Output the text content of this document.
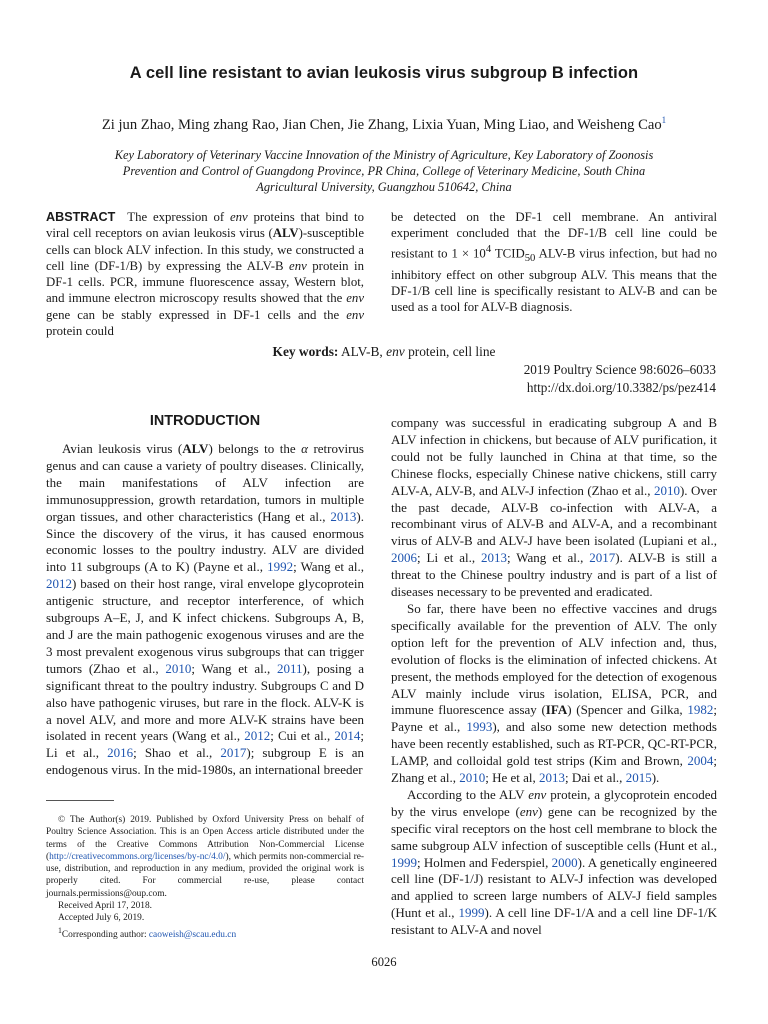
A cell line resistant to avian leukosis virus subgroup B infection
Zi jun Zhao, Ming zhang Rao, Jian Chen, Jie Zhang, Lixia Yuan, Ming Liao, and Weisheng Cao$^1$
Key Laboratory of Veterinary Vaccine Innovation of the Ministry of Agriculture, Key Laboratory of Zoonosis
Prevention and Control of Guangdong Province, PR China, College of Veterinary Medicine, South China
Agricultural University, Guangzhou 510642, China
ABSTRACT The expression of env proteins that bind to viral cell receptors on avian leukosis virus (ALV)-susceptible cells can block ALV infection. In this study, we constructed a cell line (DF-1/B) by expressing the ALV-B env protein in DF-1 cells. PCR, immune fluorescence assay, Western blot, and immune electron microscopy results showed that the env gene can be stably expressed in DF-1 cells and the env protein could
be detected on the DF-1 cell membrane. An antiviral experiment concluded that the DF-1/B cell line could be resistant to $1 \times 10^4$ $TCID_{50}$ ALV-B virus infection, but had no inhibitory effect on other subgroup ALV. This means that the DF-1/B cell line is specifically resistant to ALV-B and can be used as a tool for ALV-B diagnosis.
Key words: ALV-B, env protein, cell line
2019 Poultry Science 98:6026–6033
http://dx.doi.org/10.3382/ps/pez414
INTRODUCTION

Avian leukosis virus (ALV) belongs to the α retrovirus genus and can cause a variety of poultry diseases. Clinically, the main manifestations of ALV infection are immunosuppression, growth retardation, tumors in multiple organ tissues, and other characteristics (Hang et al., 2013). Since the discovery of the virus, it has caused enormous economic losses to the poultry industry. ALV are divided into 11 subgroups (A to K) (Payne et al., 1992; Wang et al., 2012) based on their host range, viral envelope glycoprotein antigenic structure, and receptor interference, of which subgroups A–E, J, and K infect chickens. Subgroups A, B, and J are the main pathogenic exogenous viruses and are the 3 most prevalent exogenous virus subgroups that can trigger tumors (Zhao et al., 2010; Wang et al., 2011), posing a significant threat to the poultry industry. Subgroups C and D also have pathogenic viruses, but rare in the flock. ALV-K is a novel ALV, and more and more ALV-K strains have been isolated in recent years (Wang et al., 2012; Cui et al., 2014; Li et al., 2016; Shao et al., 2017); subgroup E is an endogenous virus. In the mid-1980s, an international breeder

company was successful in eradicating subgroup A and B ALV infection in chickens, but because of ALV purification, it could not be fully launched in China at that time, so the Chinese flocks, especially Chinese native chickens, still carry ALV-A, ALV-B, and ALV-J infection (Zhao et al., 2010). Over the past decade, ALV-B co-infection with ALV-A, a recombinant virus of ALV-B and ALV-A, and a recombinant virus of ALV-B and ALV-J have been isolated (Lupiani et al., 2006; Li et al., 2013; Wang et al., 2017). ALV-B is still a threat to the Chinese poultry industry and is part of a list of diseases necessary to be prevented and eradicated.

So far, there have been no effective vaccines and drugs specifically available for the prevention of ALV. The only option left for the prevention of ALV infection and, thus, evolution of flocks is the elimination of infected chickens. At present, the methods employed for the detection of exogenous ALV mainly include virus isolation, ELISA, PCR, and immune fluorescence assay (IFA) (Spencer and Gilka, 1982; Payne et al., 1993), and also some new detection methods have been recently established, such as RT-PCR, QC-RT-PCR, LAMP, and colloidal gold test strips (Kim and Brown, 2004; Zhang et al., 2010; He et al, 2013; Dai et al., 2015).

According to the ALV env protein, a glycoprotein encoded by the virus envelope (env) gene can be recognized by the specific viral receptors on the host cell membrane to block the same subgroup ALV infection of susceptible cells (Hunt et al., 1999; Holmen and Federspiel, 2000). A genetically engineered cell line (DF-1/J) resistant to ALV-J infection was developed and applied to screen large numbers of ALV-J field samples (Hunt et al., 1999). A cell line DF-1/A and a cell line DF-1/K resistant to ALV-A and novel

© The Author(s) 2019. Published by Oxford University Press on behalf of Poultry Science Association. This is an Open Access article distributed under the terms of the Creative Commons Attribution Non-Commercial License (http://creativecommons.org/licenses/by-nc/4.0/), which permits non-commercial re-use, distribution, and reproduction in any medium, provided the original work is properly cited. For commercial re-use, please contact journals.permissions@oup.com.

Received April 17, 2018.

Accepted July 6, 2019.

$^1$Corresponding author: caoweish@scau.edu.cn

6026
